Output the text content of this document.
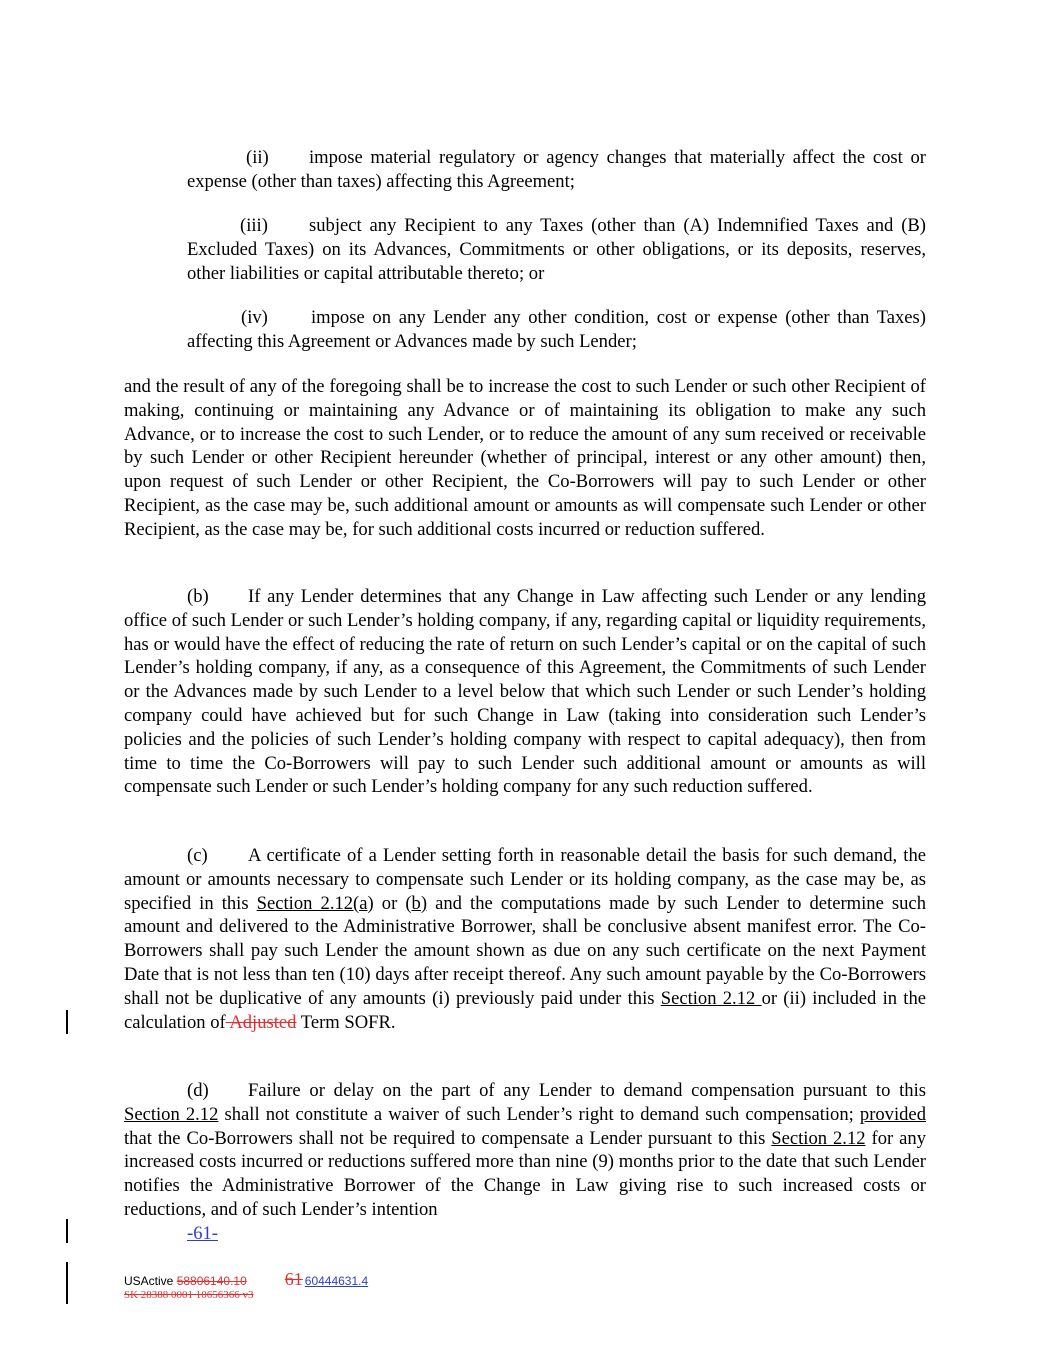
(ii) impose material regulatory or agency changes that materially affect the cost or expense (other than taxes) affecting this Agreement;
(iii) subject any Recipient to any Taxes (other than (A) Indemnified Taxes and (B) Excluded Taxes) on its Advances, Commitments or other obligations, or its deposits, reserves, other liabilities or capital attributable thereto; or
(iv) impose on any Lender any other condition, cost or expense (other than Taxes) affecting this Agreement or Advances made by such Lender;
and the result of any of the foregoing shall be to increase the cost to such Lender or such other Recipient of making, continuing or maintaining any Advance or of maintaining its obligation to make any such Advance, or to increase the cost to such Lender, or to reduce the amount of any sum received or receivable by such Lender or other Recipient hereunder (whether of principal, interest or any other amount) then, upon request of such Lender or other Recipient, the Co-Borrowers will pay to such Lender or other Recipient, as the case may be, such additional amount or amounts as will compensate such Lender or other Recipient, as the case may be, for such additional costs incurred or reduction suffered.
(b) If any Lender determines that any Change in Law affecting such Lender or any lending office of such Lender or such Lender’s holding company, if any, regarding capital or liquidity requirements, has or would have the effect of reducing the rate of return on such Lender’s capital or on the capital of such Lender’s holding company, if any, as a consequence of this Agreement, the Commitments of such Lender or the Advances made by such Lender to a level below that which such Lender or such Lender’s holding company could have achieved but for such Change in Law (taking into consideration such Lender’s policies and the policies of such Lender’s holding company with respect to capital adequacy), then from time to time the Co-Borrowers will pay to such Lender such additional amount or amounts as will compensate such Lender or such Lender’s holding company for any such reduction suffered.
(c) A certificate of a Lender setting forth in reasonable detail the basis for such demand, the amount or amounts necessary to compensate such Lender or its holding company, as the case may be, as specified in this Section 2.12(a) or (b) and the computations made by such Lender to determine such amount and delivered to the Administrative Borrower, shall be conclusive absent manifest error. The Co-Borrowers shall pay such Lender the amount shown as due on any such certificate on the next Payment Date that is not less than ten (10) days after receipt thereof. Any such amount payable by the Co-Borrowers shall not be duplicative of any amounts (i) previously paid under this Section 2.12 or (ii) included in the calculation of Adjusted Term SOFR.
(d) Failure or delay on the part of any Lender to demand compensation pursuant to this Section 2.12 shall not constitute a waiver of such Lender’s right to demand such compensation; provided that the Co-Borrowers shall not be required to compensate a Lender pursuant to this Section 2.12 for any increased costs incurred or reductions suffered more than nine (9) months prior to the date that such Lender notifies the Administrative Borrower of the Change in Law giving rise to such increased costs or reductions, and of such Lender’s intention
-61-
USActive 58806140.10 61 60444631.4
SK 28388 0001 10656366 v3
